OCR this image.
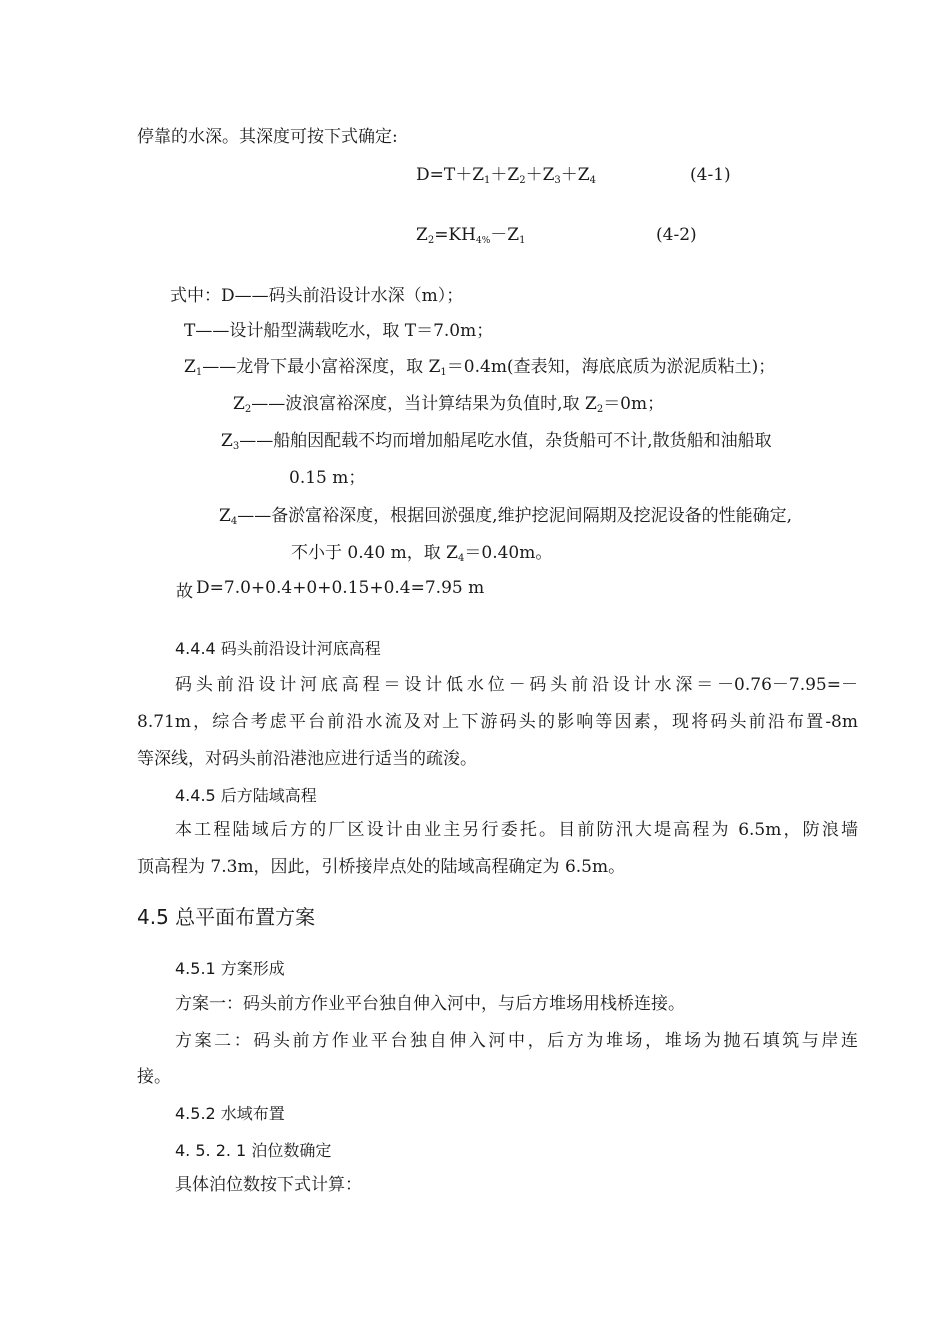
停靠的水深。其深度可按下式确定:
$D=T+Z_1+Z_2+Z_3+Z_4$	(4-1)
$Z_2=KH_{4\%}-Z_1$	(4-2)
式中：D——码头前沿设计水深（m）；
T——设计船型满载吃水，取 T＝7.0m；
$Z_1——$龙骨下最小富裕深度，取 $Z_1=0.4m$(查表知，海底底质为淤泥质粘土)；
$Z_2——$波浪富裕深度，当计算结果为负值时,取 $Z_2=0m$；
$Z_3——$船舶因配载不均而增加船尾吃水值，杂货船可不计,散货船和油船取
0.15 m；
$Z_4——$备淤富裕深度，根据回淤强度,维护挖泥间隔期及挖泥设备的性能确定,
不小于 0.40 m，取 $Z_4=0.40m$。
故 D=7.0+0.4+0+0.15+0.4=7.95 m
4.4.4 码头前沿设计河底高程
码头前沿设计河底高程＝设计低水位－码头前沿设计水深＝－0.76－7.95=－
8.71m，综合考虑平台前沿水流及对上下游码头的影响等因素，现将码头前沿布置-8m
等深线，对码头前沿港池应进行适当的疏浚。
4.4.5 后方陆域高程
本工程陆域后方的厂区设计由业主另行委托。目前防汛大堤高程为 6.5m，防浪墙
顶高程为 7.3m，因此，引桥接岸点处的陆域高程确定为 6.5m。
4.5 总平面布置方案
4.5.1 方案形成
方案一：码头前方作业平台独自伸入河中，与后方堆场用栈桥连接。
方案二：码头前方作业平台独自伸入河中，后方为堆场，堆场为抛石填筑与岸连
接。
4.5.2 水域布置
4. 5. 2. 1 泊位数确定
具体泊位数按下式计算：
